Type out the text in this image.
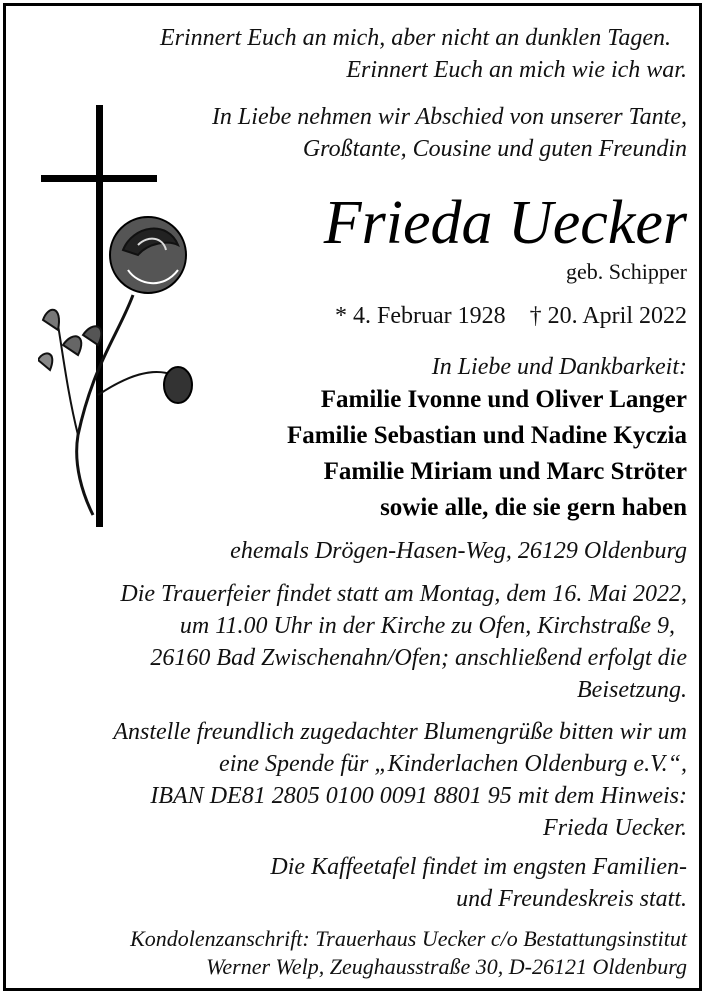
Erinnert Euch an mich, aber nicht an dunklen Tagen.

Erinnert Euch an mich wie ich war.

In Liebe nehmen wir Abschied von unserer Tante,

Großtante, Cousine und guten Freundin

Frieda Uecker

geb. Schipper

* 4. Februar 1928    † 20. April 2022

In Liebe und Dankbarkeit:

Familie Ivonne und Oliver Langer

Familie Sebastian und Nadine Kyczia

Familie Miriam und Marc Ströter

sowie alle, die sie gern haben

ehemals Drögen-Hasen-Weg, 26129 Oldenburg

Die Trauerfeier findet statt am Montag, dem 16. Mai 2022,

um 11.00 Uhr in der Kirche zu Ofen, Kirchstraße 9,

26160 Bad Zwischenahn/Ofen; anschließend erfolgt die

Beisetzung.

Anstelle freundlich zugedachter Blumengrüße bitten wir um

eine Spende für „Kinderlachen Oldenburg e.V.“,

IBAN DE81 2805 0100 0091 8801 95 mit dem Hinweis:

Frieda Uecker.

Die Kaffeetafel findet im engsten Familien-

und Freundeskreis statt.

Kondolenzanschrift: Trauerhaus Uecker c/o Bestattungsinstitut

Werner Welp, Zeughausstraße 30, D-26121 Oldenburg
